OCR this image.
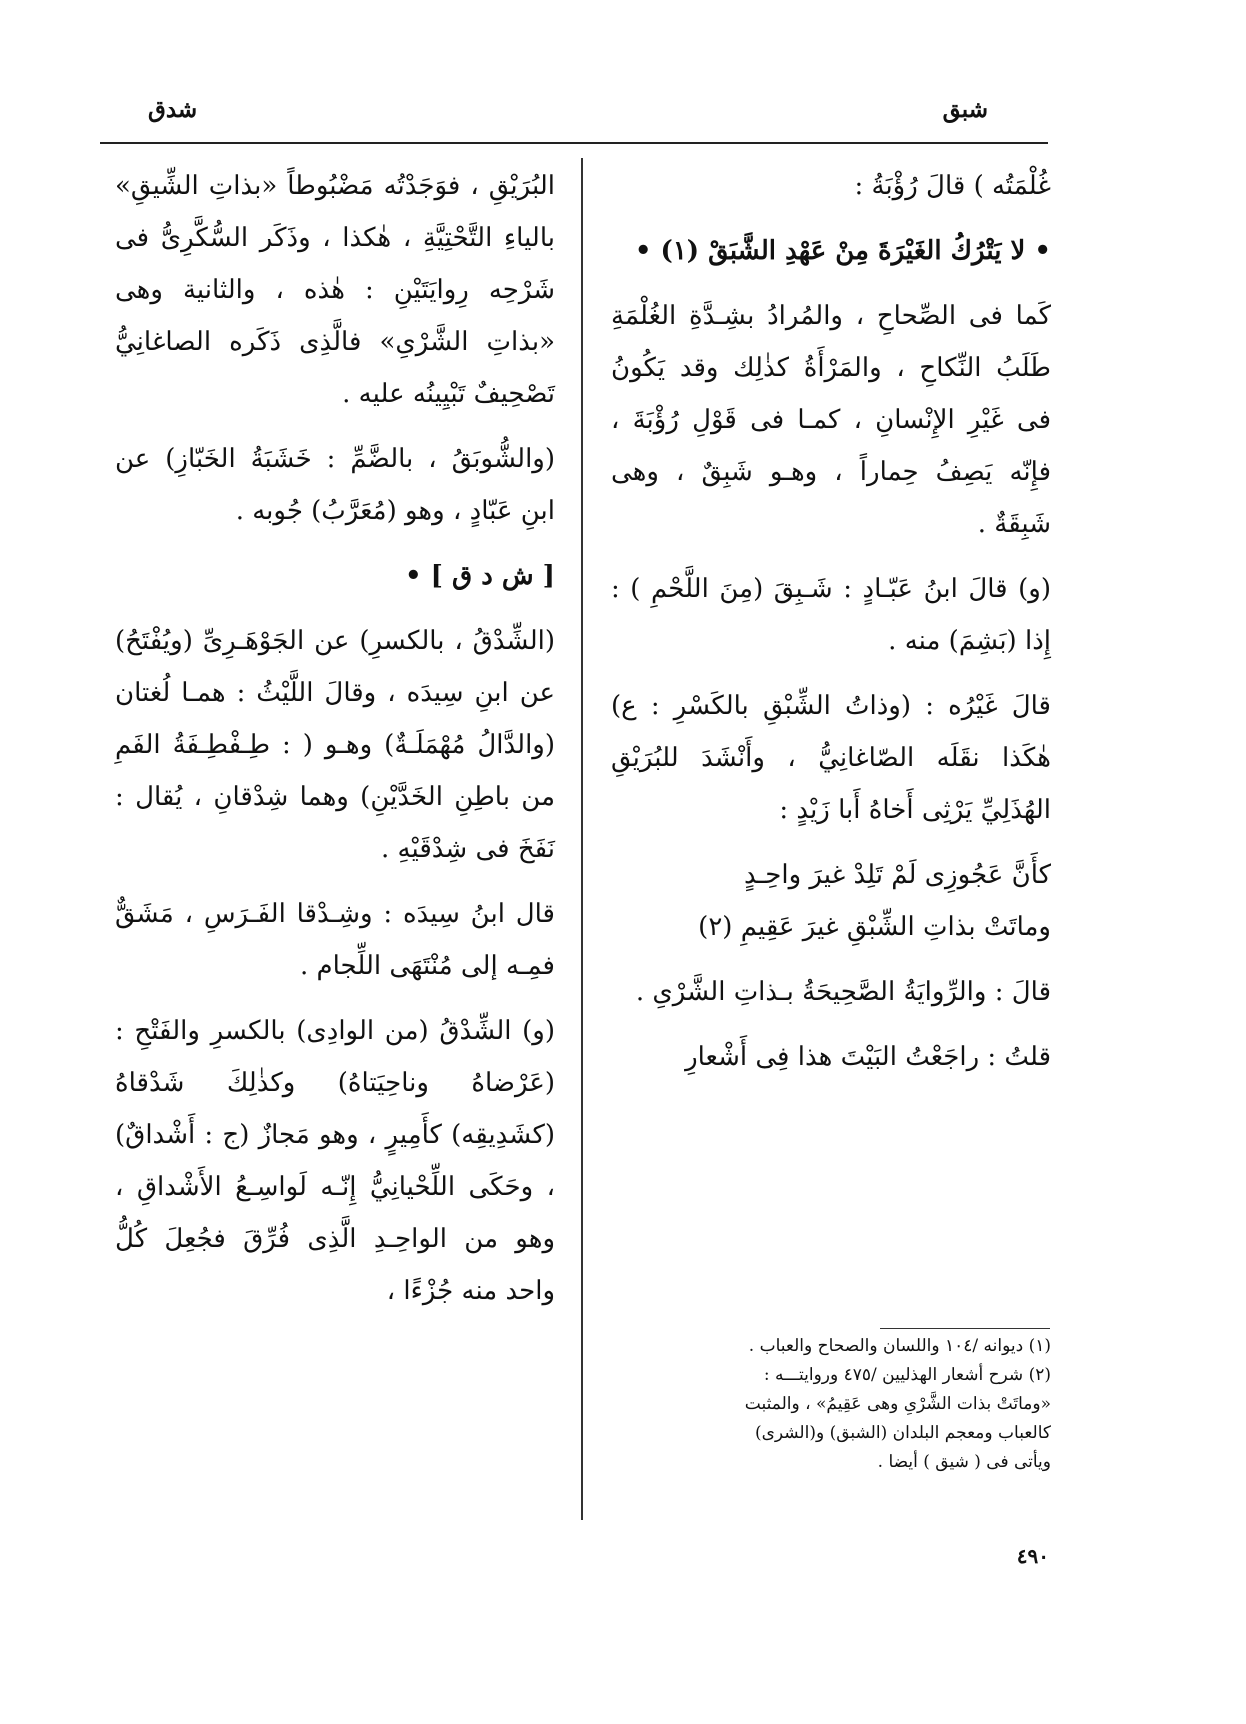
شبق
شدق

غُلْمَتُه ) قالَ رُؤْبَةُ :

• لا يَتْرُكُ الغَيْرَةَ مِنْ عَهْدِ الشَّبَقْ (١) •

كَما فى الصِّحاحِ ، والمُرادُ بشِـدَّةِ الغُلْمَةِ طَلَبُ النِّكاحِ ، والمَرْأَةُ كذٰلِك وقد يَكُونُ فى غَيْرِ الإِنْسانِ ، كمـا فى قَوْلِ رُؤْبَةَ ، فإِنّه يَصِفُ حِماراً ، وهـو شَبِقٌ ، وهى شَبِقَةٌ .

(و) قالَ ابنُ عَبّـادٍ : شَـبِقَ (مِنَ اللَّحْمِ ) : إِذا (بَشِمَ) منه .

قالَ غَيْرُه : (وذاتُ الشِّبْقِ بالكَسْرِ : ع) هٰكَذا نقَلَه الصّاغانِيُّ ، وأَنْشَدَ للبُرَيْقِ الهُذَلِيِّ يَرْثِى أَخاهُ أَبا زَيْدٍ :

كأَنَّ عَجُوزِى لَمْ تَلِدْ غيرَ واحِـدٍ

وماتَتْ بذاتِ الشِّبْقِ غيرَ عَقِيمِ (٢)

قالَ : والرِّوايَةُ الصَّحِيحَةُ بـذاتِ الشَّرْىِ .

قلتُ : راجَعْتُ البَيْتَ هذا فِى أَشْعارِ

البُرَيْقِ ، فوَجَدْتُه مَضْبُوطاً «بذاتِ الشِّيقِ» بالياءِ التَّحْتِيَّةِ ، هٰكذا ، وذَكَر السُّكَّرِىُّ فى شَرْحِه رِوايَتَيْنِ : هٰذه ، والثانية وهى «بذاتِ الشَّرْىِ» فالَّذِى ذَكَره الصاغانِيُّ تَصْحِيفٌ تَبْيِينُه عليه .

(والشُّوبَقُ ، بالضَّمِّ : خَشَبَةُ الخَبّازِ) عن ابنِ عَبّادٍ ، وهو (مُعَرَّبُ) جُوبه .

[ ش د ق ] •

(الشِّدْقُ ، بالكسرِ) عن الجَوْهَـرِىِّ (ويُفْتَحُ) عن ابنِ سِيدَه ، وقالَ اللَّيْثُ : همـا لُغتان (والدَّالُ مُهْمَلَـةٌ) وهـو ( : طِـفْطِـفَةُ الفَمِ من باطِنِ الخَدَّيْنِ) وهما شِدْقانِ ، يُقال : نَفَخَ فى شِدْقَيْهِ .

قال ابنُ سِيدَه : وشِـدْقا الفَـرَسِ ، مَشَقٌّ فمِـه إلى مُنْتَهَى اللِّجام .

(و) الشِّدْقُ (من الوادِى) بالكسرِ والفَتْحِ : (عَرْضاهُ وناحِيَتاهُ) وكذٰلِكَ شَدْقاهُ (كشَدِيقِه) كأَمِيرٍ ، وهو مَجازٌ (ج : أَشْداقٌ) ، وحَكَى اللِّحْيانِيُّ إِنّـه لَواسِـعُ الأَشْداقِ ، وهو من الواحِـدِ الَّذِى فُرِّقَ فجُعِلَ كُلُّ واحد منه جُزْءًا ،

(١) ديوانه /١٠٤ واللسان والصحاح والعباب .

(٢) شرح أشعار الهذليين /٤٧٥ وروايتـــه :

«وماتَتْ بذات الشَّرْىِ وهى عَقِيمُ» ، والمثبت

كالعباب ومعجم البلدان (الشبق) و(الشرى)

ويأتى فى ( شيق ) أيضا .

٤٩٠
